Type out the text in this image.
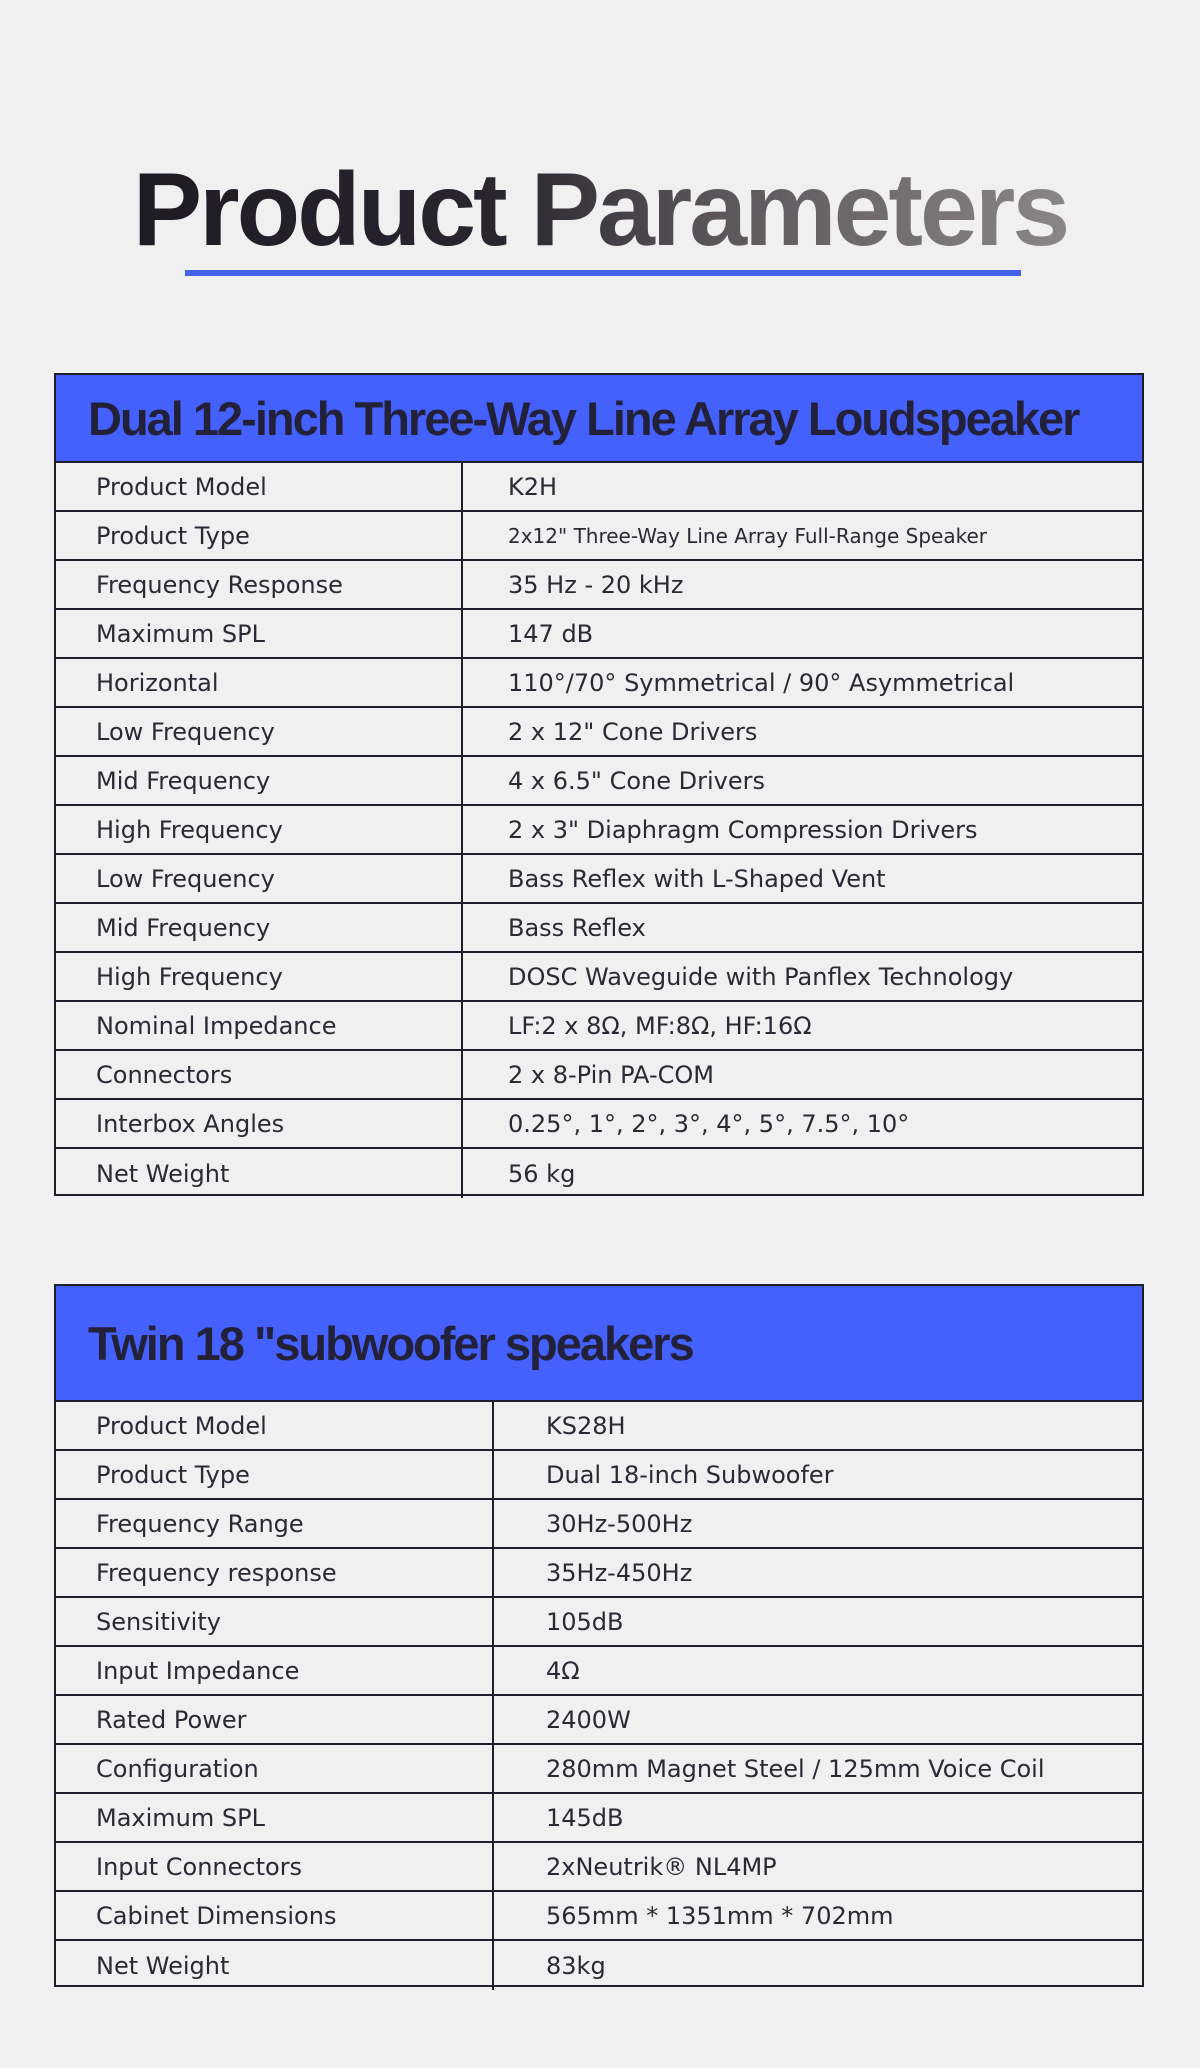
Product Parameters
Dual 12-inch Three-Way Line Array Loudspeaker
Product Model	K2H
Product Type	2x12" Three-Way Line Array Full-Range Speaker
Frequency Response	35 Hz - 20 kHz
Maximum SPL	147 dB
Horizontal	110°/70° Symmetrical / 90° Asymmetrical
Low Frequency	2 x 12" Cone Drivers
Mid Frequency	4 x 6.5" Cone Drivers
High Frequency	2 x 3" Diaphragm Compression Drivers
Low Frequency	Bass Reflex with L-Shaped Vent
Mid Frequency	Bass Reflex
High Frequency	DOSC Waveguide with Panflex Technology
Nominal Impedance	LF:2 x 8Ω, MF:8Ω, HF:16Ω
Connectors	2 x 8-Pin PA-COM
Interbox Angles	0.25°, 1°, 2°, 3°, 4°, 5°, 7.5°, 10°
Net Weight	56 kg
Twin 18 "subwoofer speakers
Product Model	KS28H
Product Type	Dual 18-inch Subwoofer
Frequency Range	30Hz-500Hz
Frequency response	35Hz-450Hz
Sensitivity	105dB
Input Impedance	4Ω
Rated Power	2400W
Configuration	280mm Magnet Steel / 125mm Voice Coil
Maximum SPL	145dB
Input Connectors	2xNeutrik® NL4MP
Cabinet Dimensions	565mm * 1351mm * 702mm
Net Weight	83kg
